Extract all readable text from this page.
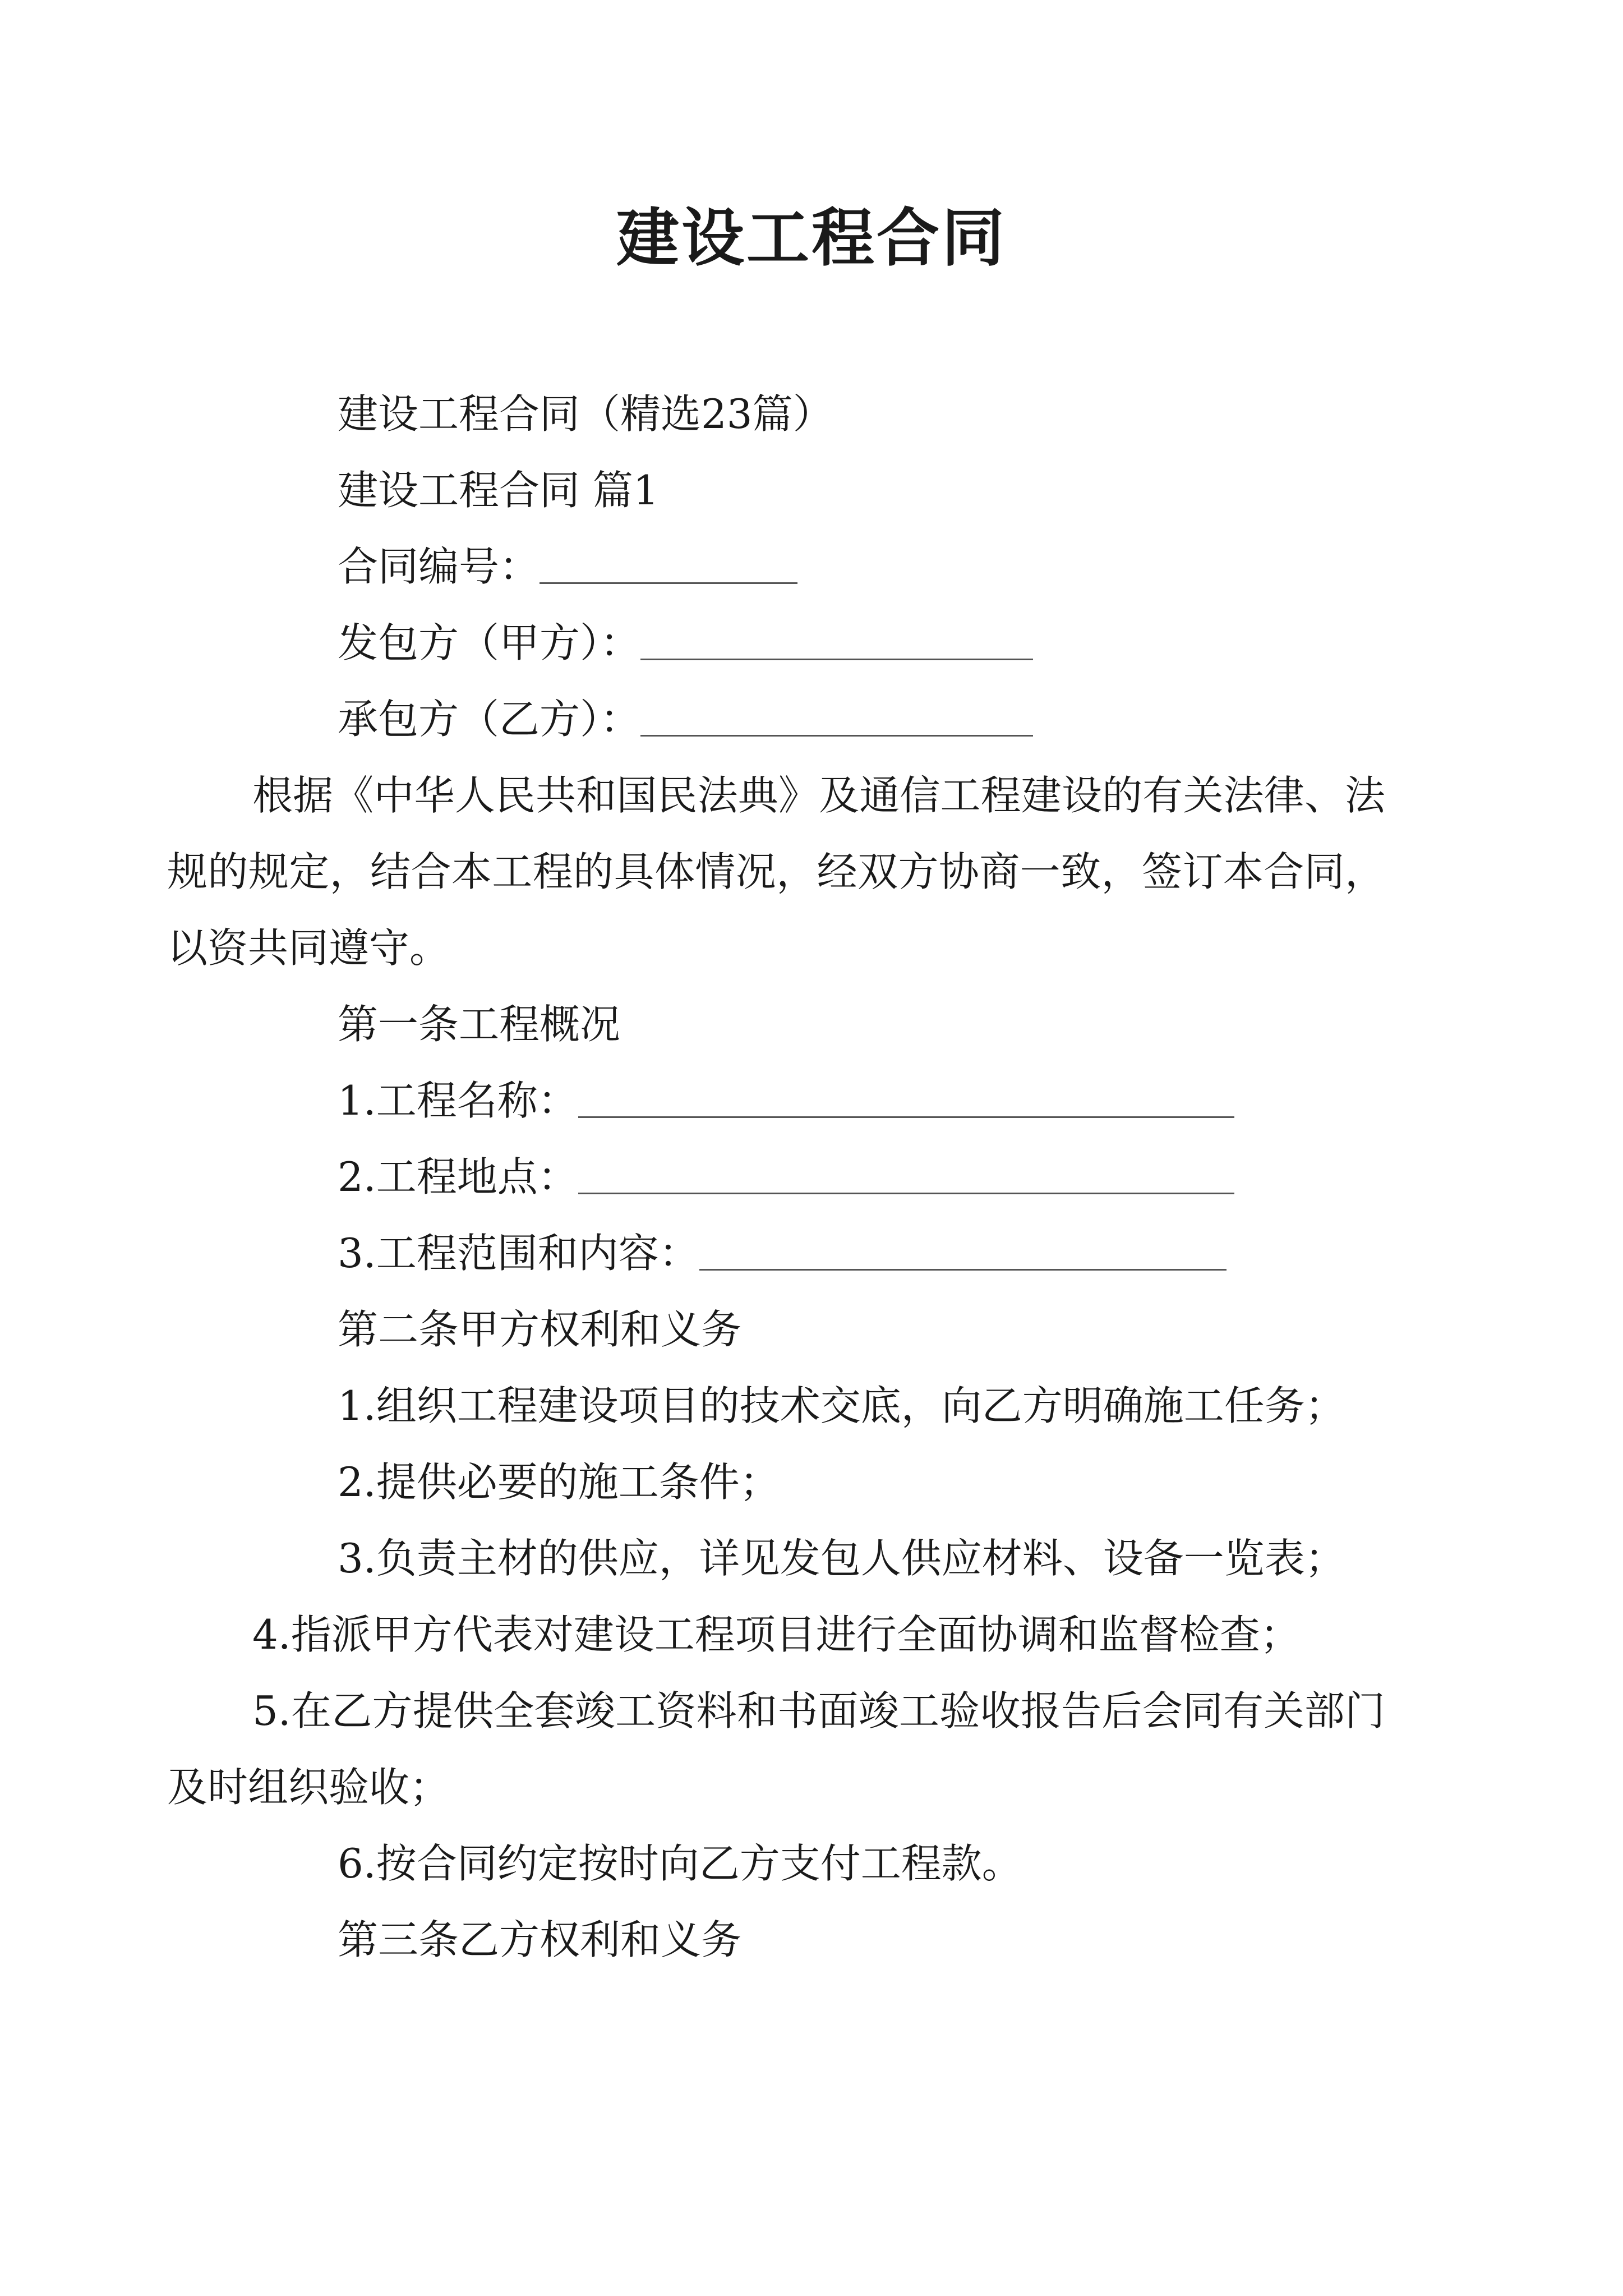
建设工程合同

建设工程合同（精选23篇）

建设工程合同 篇1

合同编号：

发包方（甲方）：

承包方（乙方）：

根据《中华人民共和国民法典》及通信工程建设的有关法律、法规的规定，结合本工程的具体情况，经双方协商一致，签订本合同，以资共同遵守。

第一条工程概况

1.工程名称：

2.工程地点：

3.工程范围和内容：

第二条甲方权利和义务

1.组织工程建设项目的技术交底，向乙方明确施工任务；

2.提供必要的施工条件；

3.负责主材的供应，详见发包人供应材料、设备一览表；

4.指派甲方代表对建设工程项目进行全面协调和监督检查；

5.在乙方提供全套竣工资料和书面竣工验收报告后会同有关部门及时组织验收；

6.按合同约定按时向乙方支付工程款。

第三条乙方权利和义务
